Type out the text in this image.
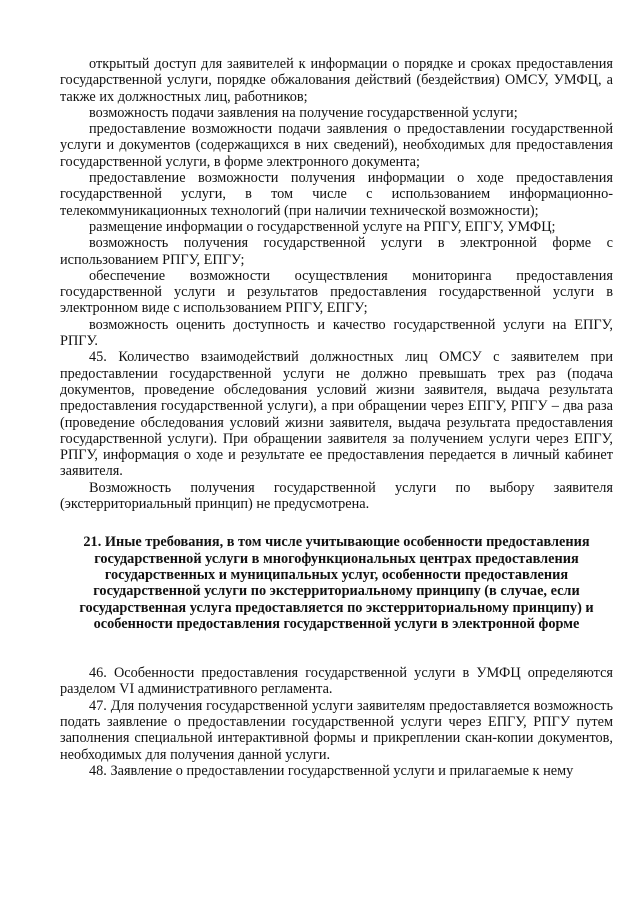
открытый доступ для заявителей к информации о порядке и сроках предоставления государственной услуги, порядке обжалования действий (бездействия) ОМСУ, УМФЦ, а также их должностных лиц, работников;

возможность подачи заявления на получение государственной услуги;

предоставление возможности подачи заявления о предоставлении государственной услуги и документов (содержащихся в них сведений), необходимых для предоставления государственной услуги, в форме электронного документа;

предоставление возможности получения информации о ходе предоставления государственной услуги, в том числе с использованием информационно-телекоммуникационных технологий (при наличии технической возможности);

размещение информации о государственной услуге на РПГУ, ЕПГУ, УМФЦ;

возможность получения государственной услуги в электронной форме с использованием РПГУ, ЕПГУ;

обеспечение возможности осуществления мониторинга предоставления государственной услуги и результатов предоставления государственной услуги в электронном виде с использованием РПГУ, ЕПГУ;

возможность оценить доступность и качество государственной услуги на ЕПГУ, РПГУ.

45. Количество взаимодействий должностных лиц ОМСУ с заявителем при предоставлении государственной услуги не должно превышать трех раз (подача документов, проведение обследования условий жизни заявителя, выдача результата предоставления государственной услуги), а при обращении через ЕПГУ, РПГУ – два раза (проведение обследования условий жизни заявителя, выдача результата предоставления государственной услуги). При обращении заявителя за получением услуги через ЕПГУ, РПГУ, информация о ходе и результате ее предоставления передается в личный кабинет заявителя.

Возможность получения государственной услуги по выбору заявителя (экстерриториальный принцип) не предусмотрена.

21. Иные требования, в том числе учитывающие особенности предоставления государственной услуги в многофункциональных центрах предоставления государственных и муниципальных услуг, особенности предоставления государственной услуги по экстерриториальному принципу (в случае, если государственная услуга предоставляется по экстерриториальному принципу) и особенности предоставления государственной услуги в электронной форме

46. Особенности предоставления государственной услуги в УМФЦ определяются разделом VI административного регламента.

47. Для получения государственной услуги заявителям предоставляется возможность подать заявление о предоставлении государственной услуги через ЕПГУ, РПГУ путем заполнения специальной интерактивной формы и прикреплении скан-копии документов, необходимых для получения данной услуги.

48. Заявление о предоставлении государственной услуги и прилагаемые к нему
